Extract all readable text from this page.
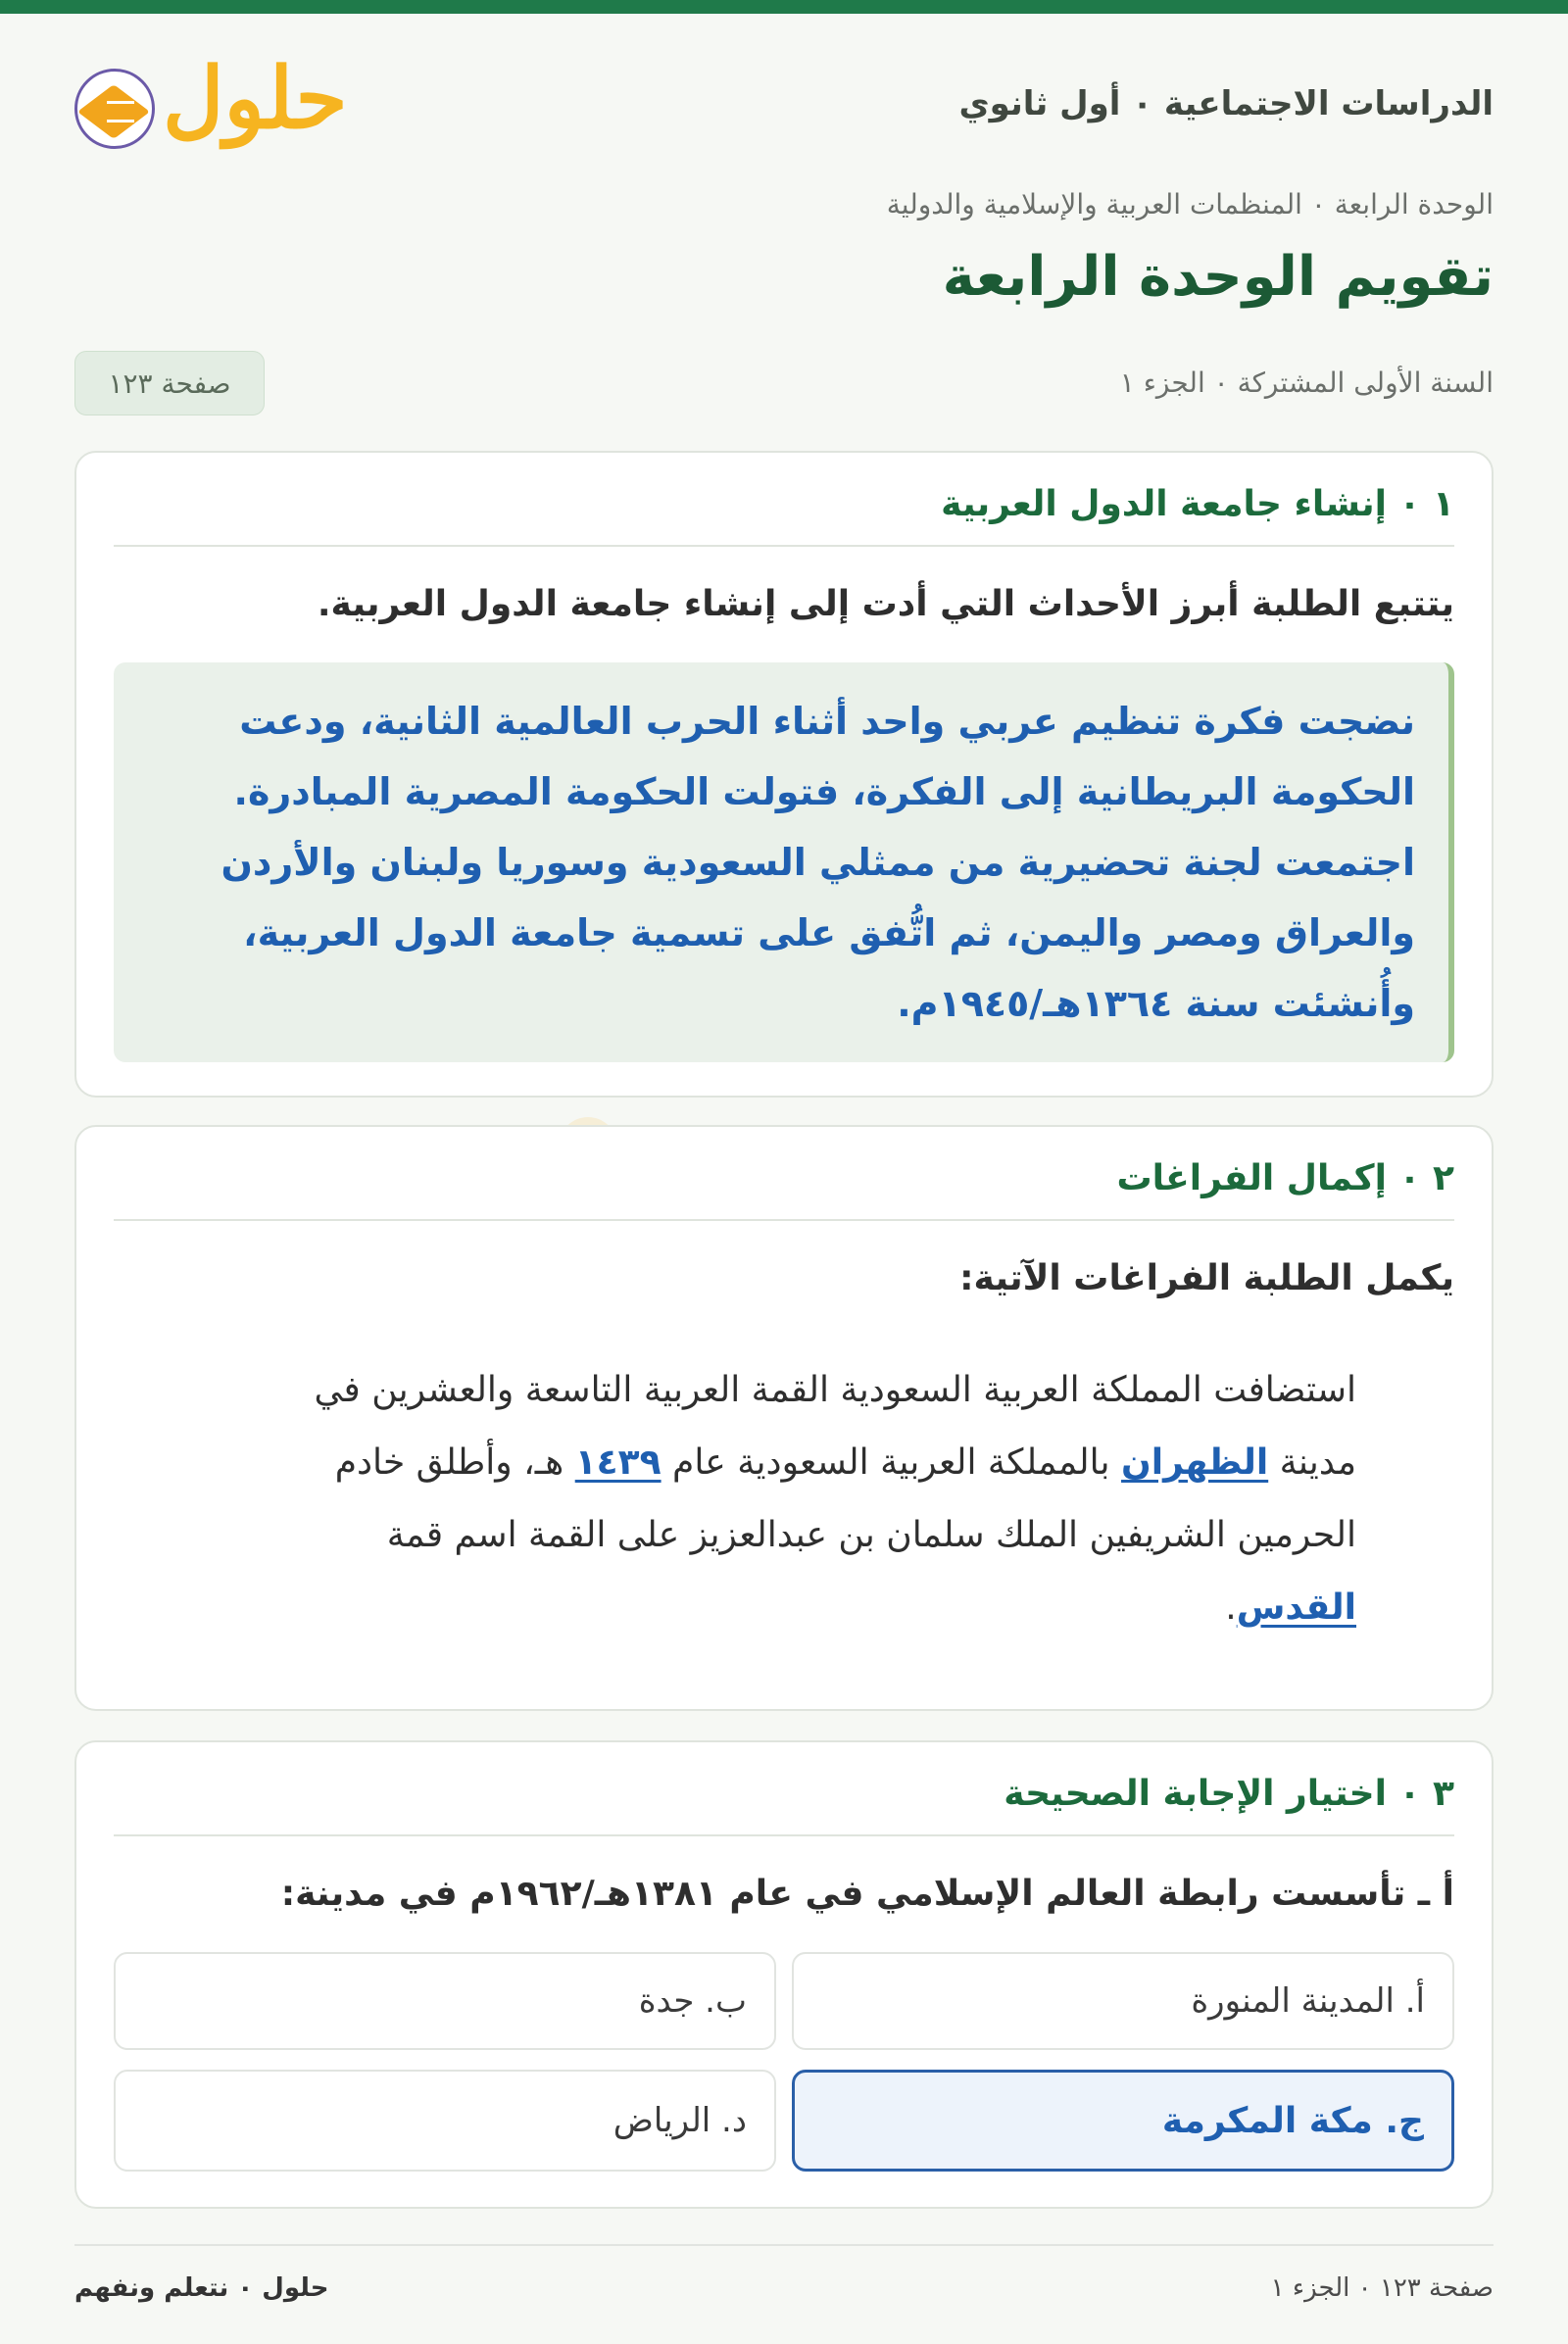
الدراسات الاجتماعية ٠ أول ثانوي
حلول
الوحدة الرابعة ٠ المنظمات العربية والإسلامية والدولية
تقويم الوحدة الرابعة
السنة الأولى المشتركة ٠ الجزء ١
صفحة ١٢٣
١ ٠ إنشاء جامعة الدول العربية
يتتبع الطلبة أبرز الأحداث التي أدت إلى إنشاء جامعة الدول العربية.
نضجت فكرة تنظيم عربي واحد أثناء الحرب العالمية الثانية، ودعت الحكومة البريطانية إلى الفكرة، فتولت الحكومة المصرية المبادرة. اجتمعت لجنة تحضيرية من ممثلي السعودية وسوريا ولبنان والأردن والعراق ومصر واليمن، ثم اتُّفق على تسمية جامعة الدول العربية، وأُنشئت سنة ١٣٦٤هـ/١٩٤٥م.
٢ ٠ إكمال الفراغات
يكمل الطلبة الفراغات الآتية:
استضافت المملكة العربية السعودية القمة العربية التاسعة والعشرين في مدينة الظهران بالمملكة العربية السعودية عام ١٤٣٩ هـ، وأطلق خادم الحرمين الشريفين الملك سلمان بن عبدالعزيز على القمة اسم قمة القدس.
٣ ٠ اختيار الإجابة الصحيحة
أ ـ تأسست رابطة العالم الإسلامي في عام ١٣٨١هـ/١٩٦٢م في مدينة:
أ. المدينة المنورة
ب. جدة
ج. مكة المكرمة
د. الرياض
حلول ٠ نتعلم ونفهم	صفحة ١٢٣ ٠ الجزء ١
